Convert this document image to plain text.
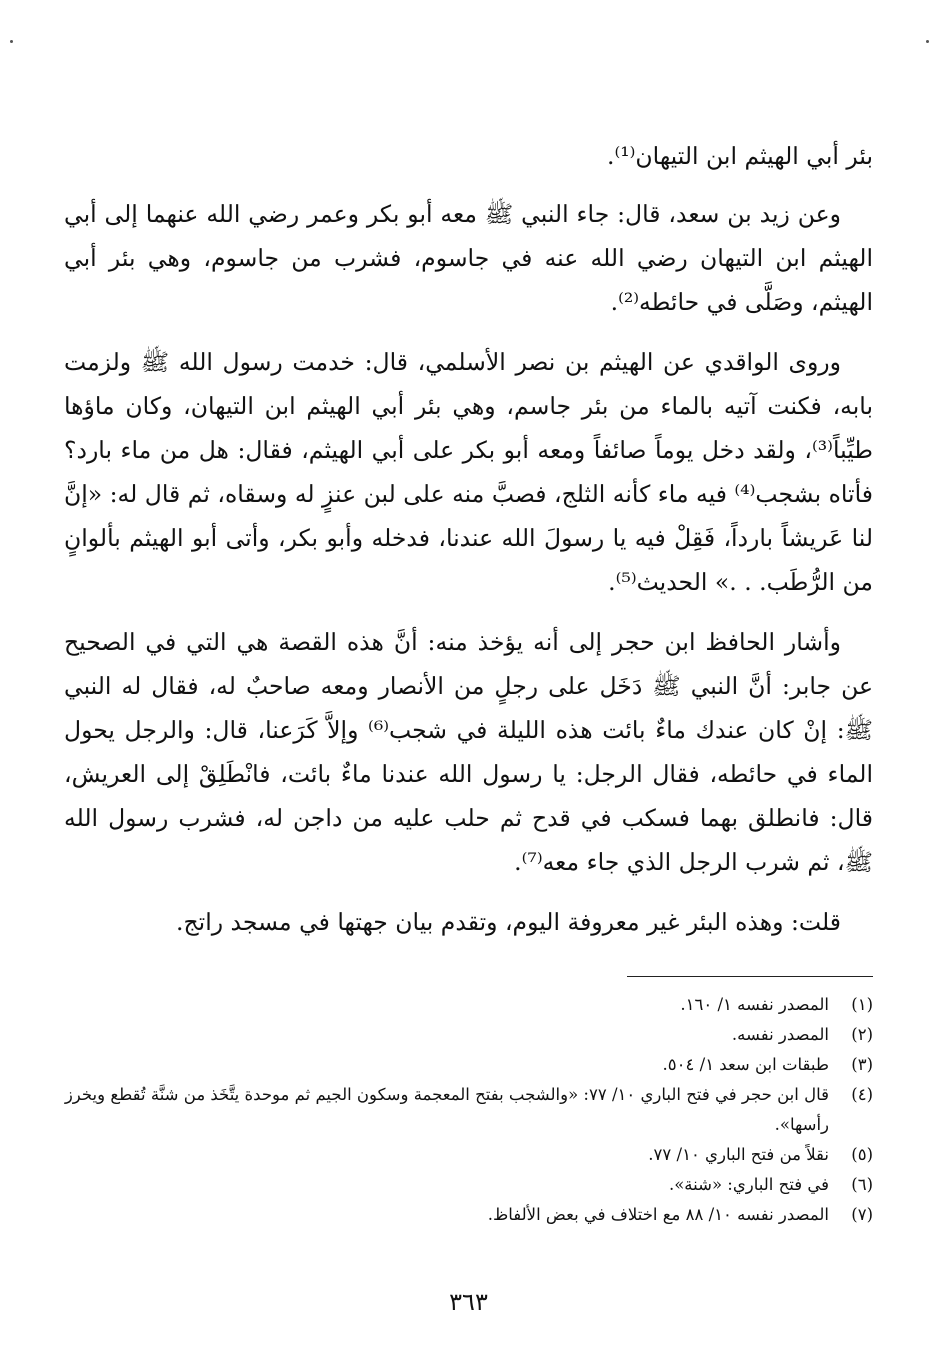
بئر أبي الهيثم ابن التيهان⁽¹⁾.

وعن زيد بن سعد، قال: جاء النبي ﷺ معه أبو بكر وعمر رضي الله عنهما إلى أبي الهيثم ابن التيهان رضي الله عنه في جاسوم، فشرب من جاسوم، وهي بئر أبي الهيثم، وصَلَّى في حائطه⁽²⁾.

وروى الواقدي عن الهيثم بن نصر الأسلمي، قال: خدمت رسول الله ﷺ ولزمت بابه، فكنت آتيه بالماء من بئر جاسم، وهي بئر أبي الهيثم ابن التيهان، وكان ماؤها طيِّباً⁽³⁾، ولقد دخل يوماً صائفاً ومعه أبو بكر على أبي الهيثم، فقال: هل من ماء بارد؟ فأتاه بشجب⁽⁴⁾ فيه ماء كأنه الثلج، فصبَّ منه على لبن عنزٍ له وسقاه، ثم قال له: «إنَّ لنا عَريشاً بارداً، فَقِلْ فيه يا رسولَ الله عندنا، فدخله وأبو بكر، وأتى أبو الهيثم بألوانٍ من الرُّطَب. . .» الحديث⁽⁵⁾.

وأشار الحافظ ابن حجر إلى أنه يؤخذ منه: أنَّ هذه القصة هي التي في الصحيح عن جابر: أنَّ النبي ﷺ دَخَل على رجلٍ من الأنصار ومعه صاحبٌ له، فقال له النبي ﷺ: إنْ كان عندك ماءٌ بائت هذه الليلة في شجب⁽⁶⁾ وإلاَّ كَرَعنا، قال: والرجل يحول الماء في حائطه، فقال الرجل: يا رسول الله عندنا ماءٌ بائت، فانْطَلِقْ إلى العريش، قال: فانطلق بهما فسكب في قدح ثم حلب عليه من داجن له، فشرب رسول الله ﷺ، ثم شرب الرجل الذي جاء معه⁽⁷⁾.

قلت: وهذه البئر غير معروفة اليوم، وتقدم بيان جهتها في مسجد راتج.

(١)
المصدر نفسه ١/ ١٦٠.
(٢)
المصدر نفسه.
(٣)
طبقات ابن سعد ١/ ٥٠٤.
(٤)
قال ابن حجر في فتح الباري ١٠/ ٧٧: «والشجب بفتح المعجمة وسكون الجيم ثم موحدة يتَّخَذ من شنَّة تُقطع ويخرز رأسها».
(٥)
نقلاً من فتح الباري ١٠/ ٧٧.
(٦)
في فتح الباري: «شنة».
(٧)
المصدر نفسه ١٠/ ٨٨ مع اختلاف في بعض الألفاظ.
٣٦٣
